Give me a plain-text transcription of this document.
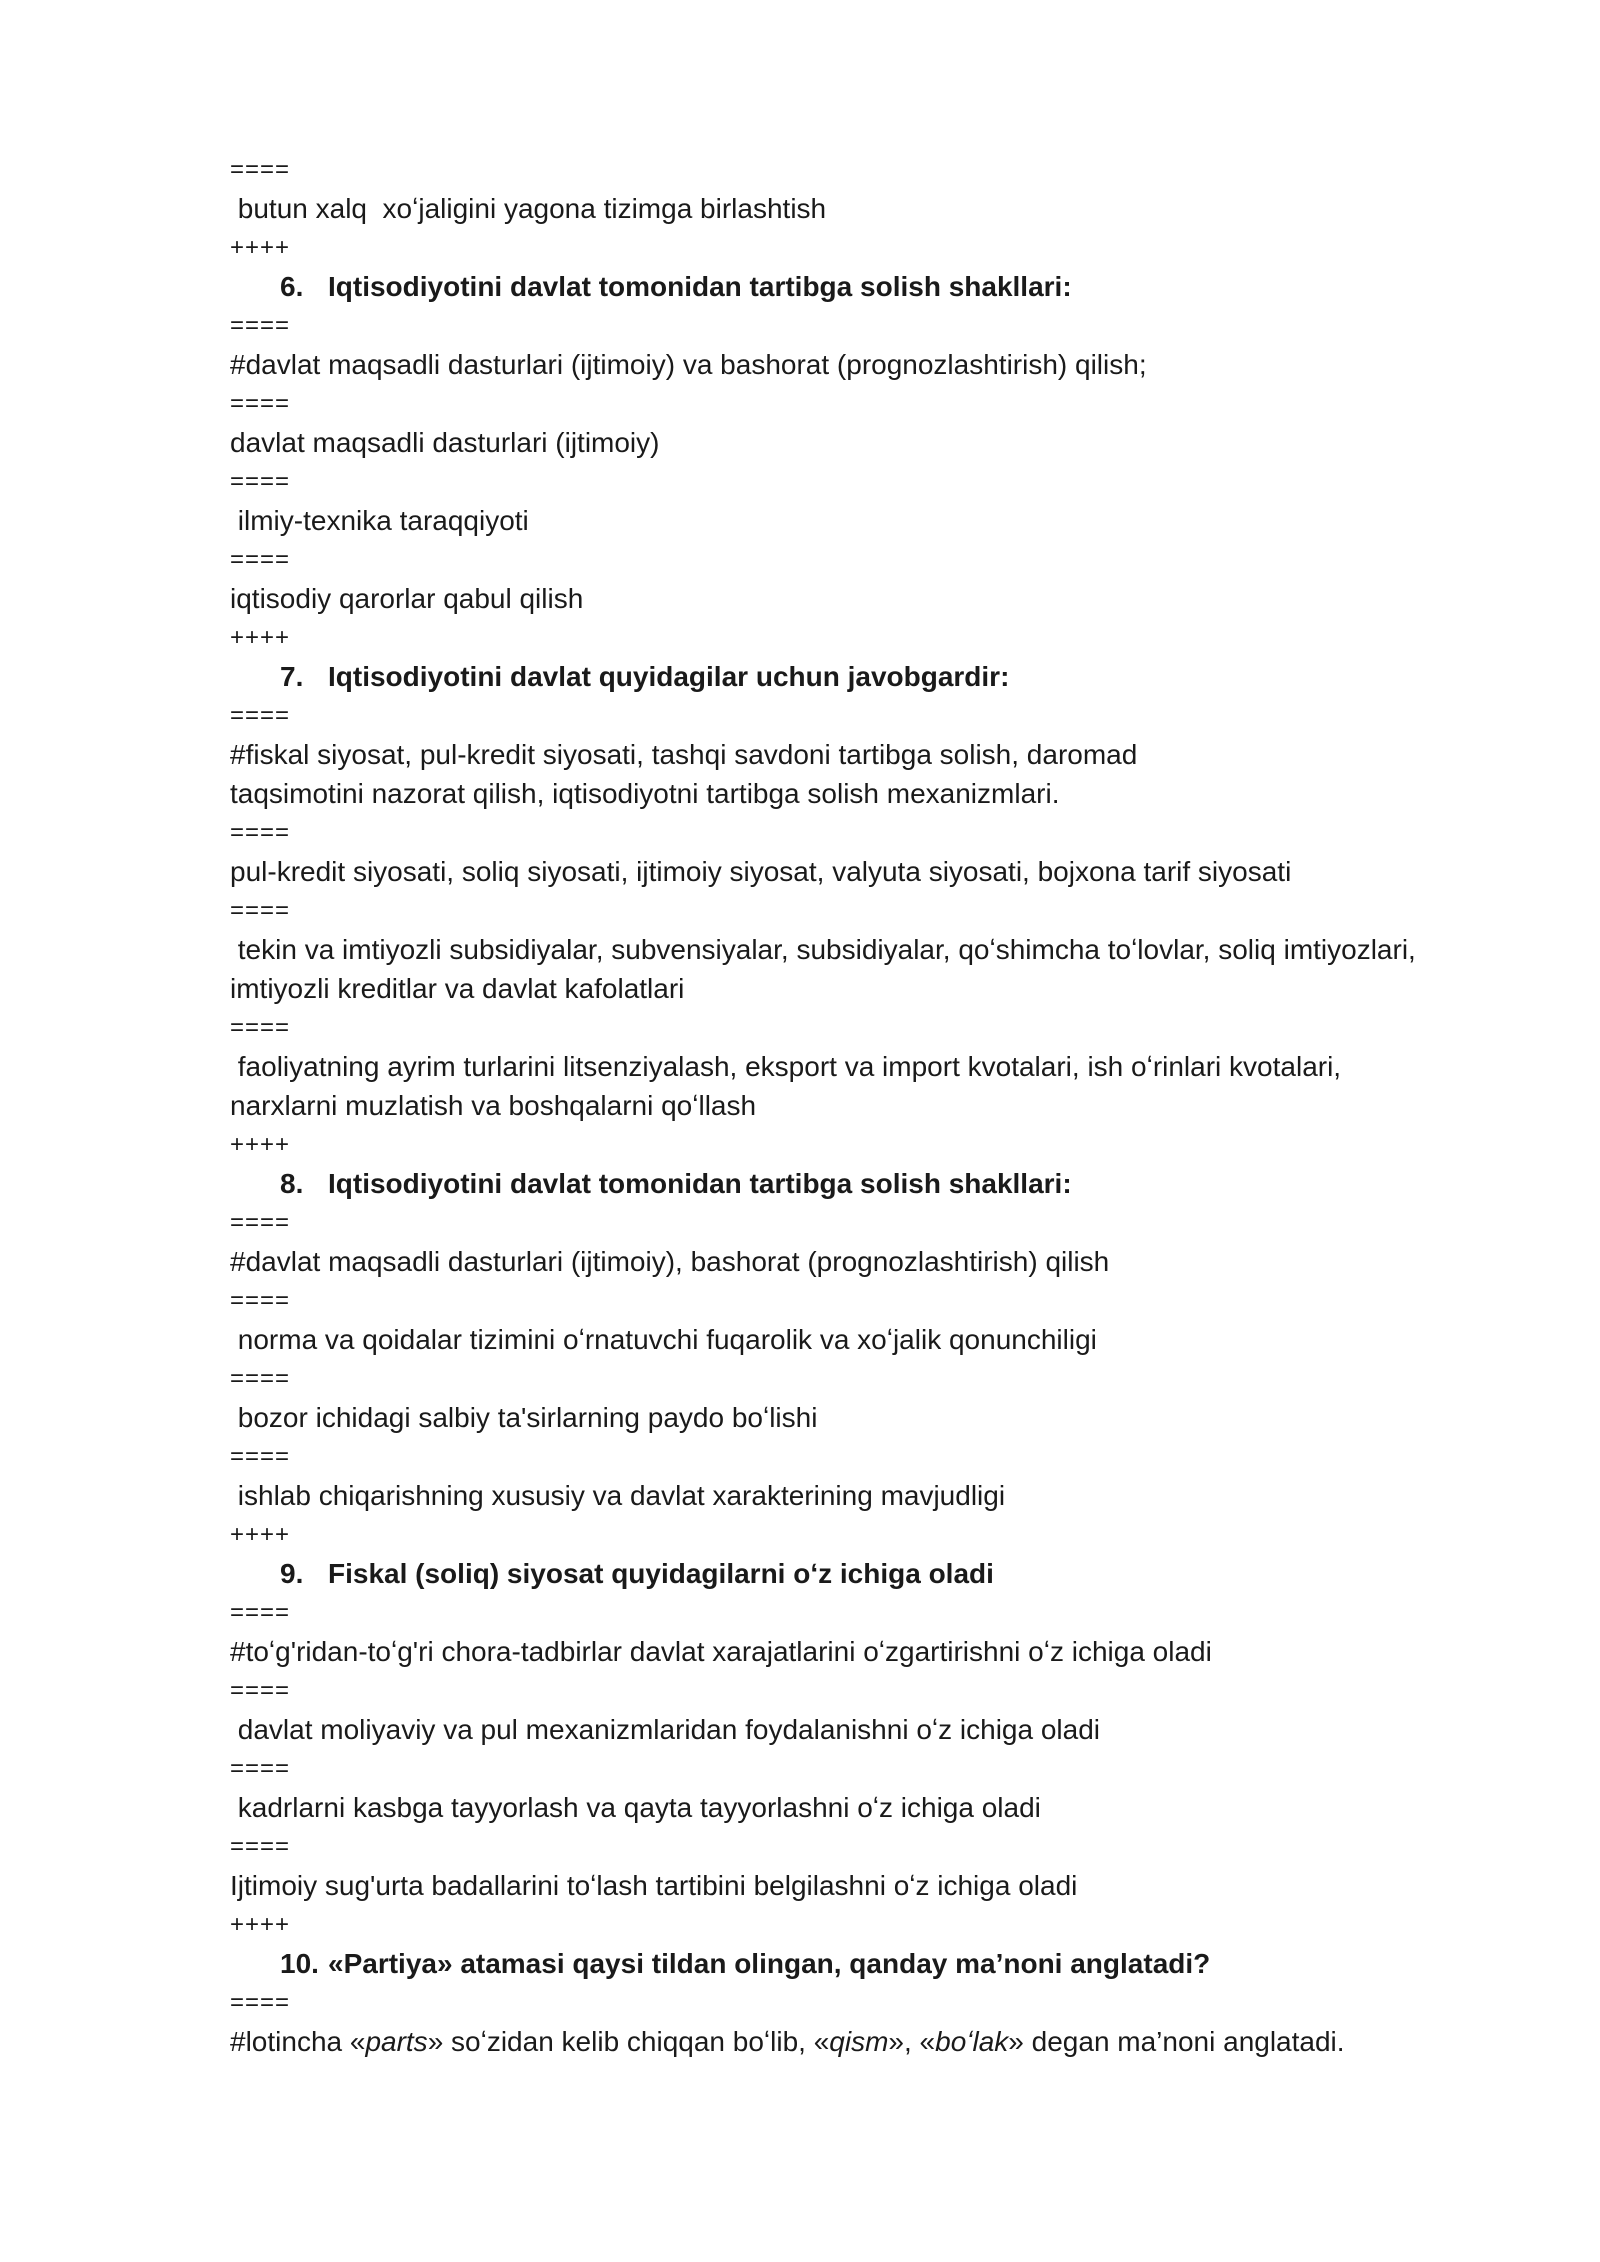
====
butun xalq  xoʻjaligini yagona tizimga birlashtish
++++
6. Iqtisodiyotini davlat tomonidan tartibga solish shakllari:
====
#davlat maqsadli dasturlari (ijtimoiy) va bashorat (prognozlashtirish) qilish;
====
davlat maqsadli dasturlari (ijtimoiy)
====
ilmiy-texnika taraqqiyoti
====
iqtisodiy qarorlar qabul qilish
++++
7. Iqtisodiyotini davlat quyidagilar uchun javobgardir:
====
#fiskal siyosat, pul-kredit siyosati, tashqi savdoni tartibga solish, daromad
taqsimotini nazorat qilish, iqtisodiyotni tartibga solish mexanizmlari.
====
pul-kredit siyosati, soliq siyosati, ijtimoiy siyosat, valyuta siyosati, bojxona tarif siyosati
====
tekin va imtiyozli subsidiyalar, subvensiyalar, subsidiyalar, qoʻshimcha toʻlovlar, soliq imtiyozlari,
imtiyozli kreditlar va davlat kafolatlari
====
faoliyatning ayrim turlarini litsenziyalash, eksport va import kvotalari, ish oʻrinlari kvotalari,
narxlarni muzlatish va boshqalarni qoʻllash
++++
8. Iqtisodiyotini davlat tomonidan tartibga solish shakllari:
====
#davlat maqsadli dasturlari (ijtimoiy), bashorat (prognozlashtirish) qilish
====
norma va qoidalar tizimini oʻrnatuvchi fuqarolik va xoʻjalik qonunchiligi
====
bozor ichidagi salbiy ta'sirlarning paydo boʻlishi
====
ishlab chiqarishning xususiy va davlat xarakterining mavjudligi
++++
9. Fiskal (soliq) siyosat quyidagilarni oʻz ichiga oladi
====
#toʻg'ridan-toʻg'ri chora-tadbirlar davlat xarajatlarini oʻzgartirishni oʻz ichiga oladi
====
davlat moliyaviy va pul mexanizmlaridan foydalanishni oʻz ichiga oladi
====
kadrlarni kasbga tayyorlash va qayta tayyorlashni oʻz ichiga oladi
====
Ijtimoiy sug'urta badallarini toʻlash tartibini belgilashni oʻz ichiga oladi
++++
10. «Partiya» atamasi qaysi tildan olingan, qanday ma’noni anglatadi?
====
#lotincha «parts» soʻzidan kelib chiqqan boʻlib, «qism», «boʻlak» degan ma’noni anglatadi.
